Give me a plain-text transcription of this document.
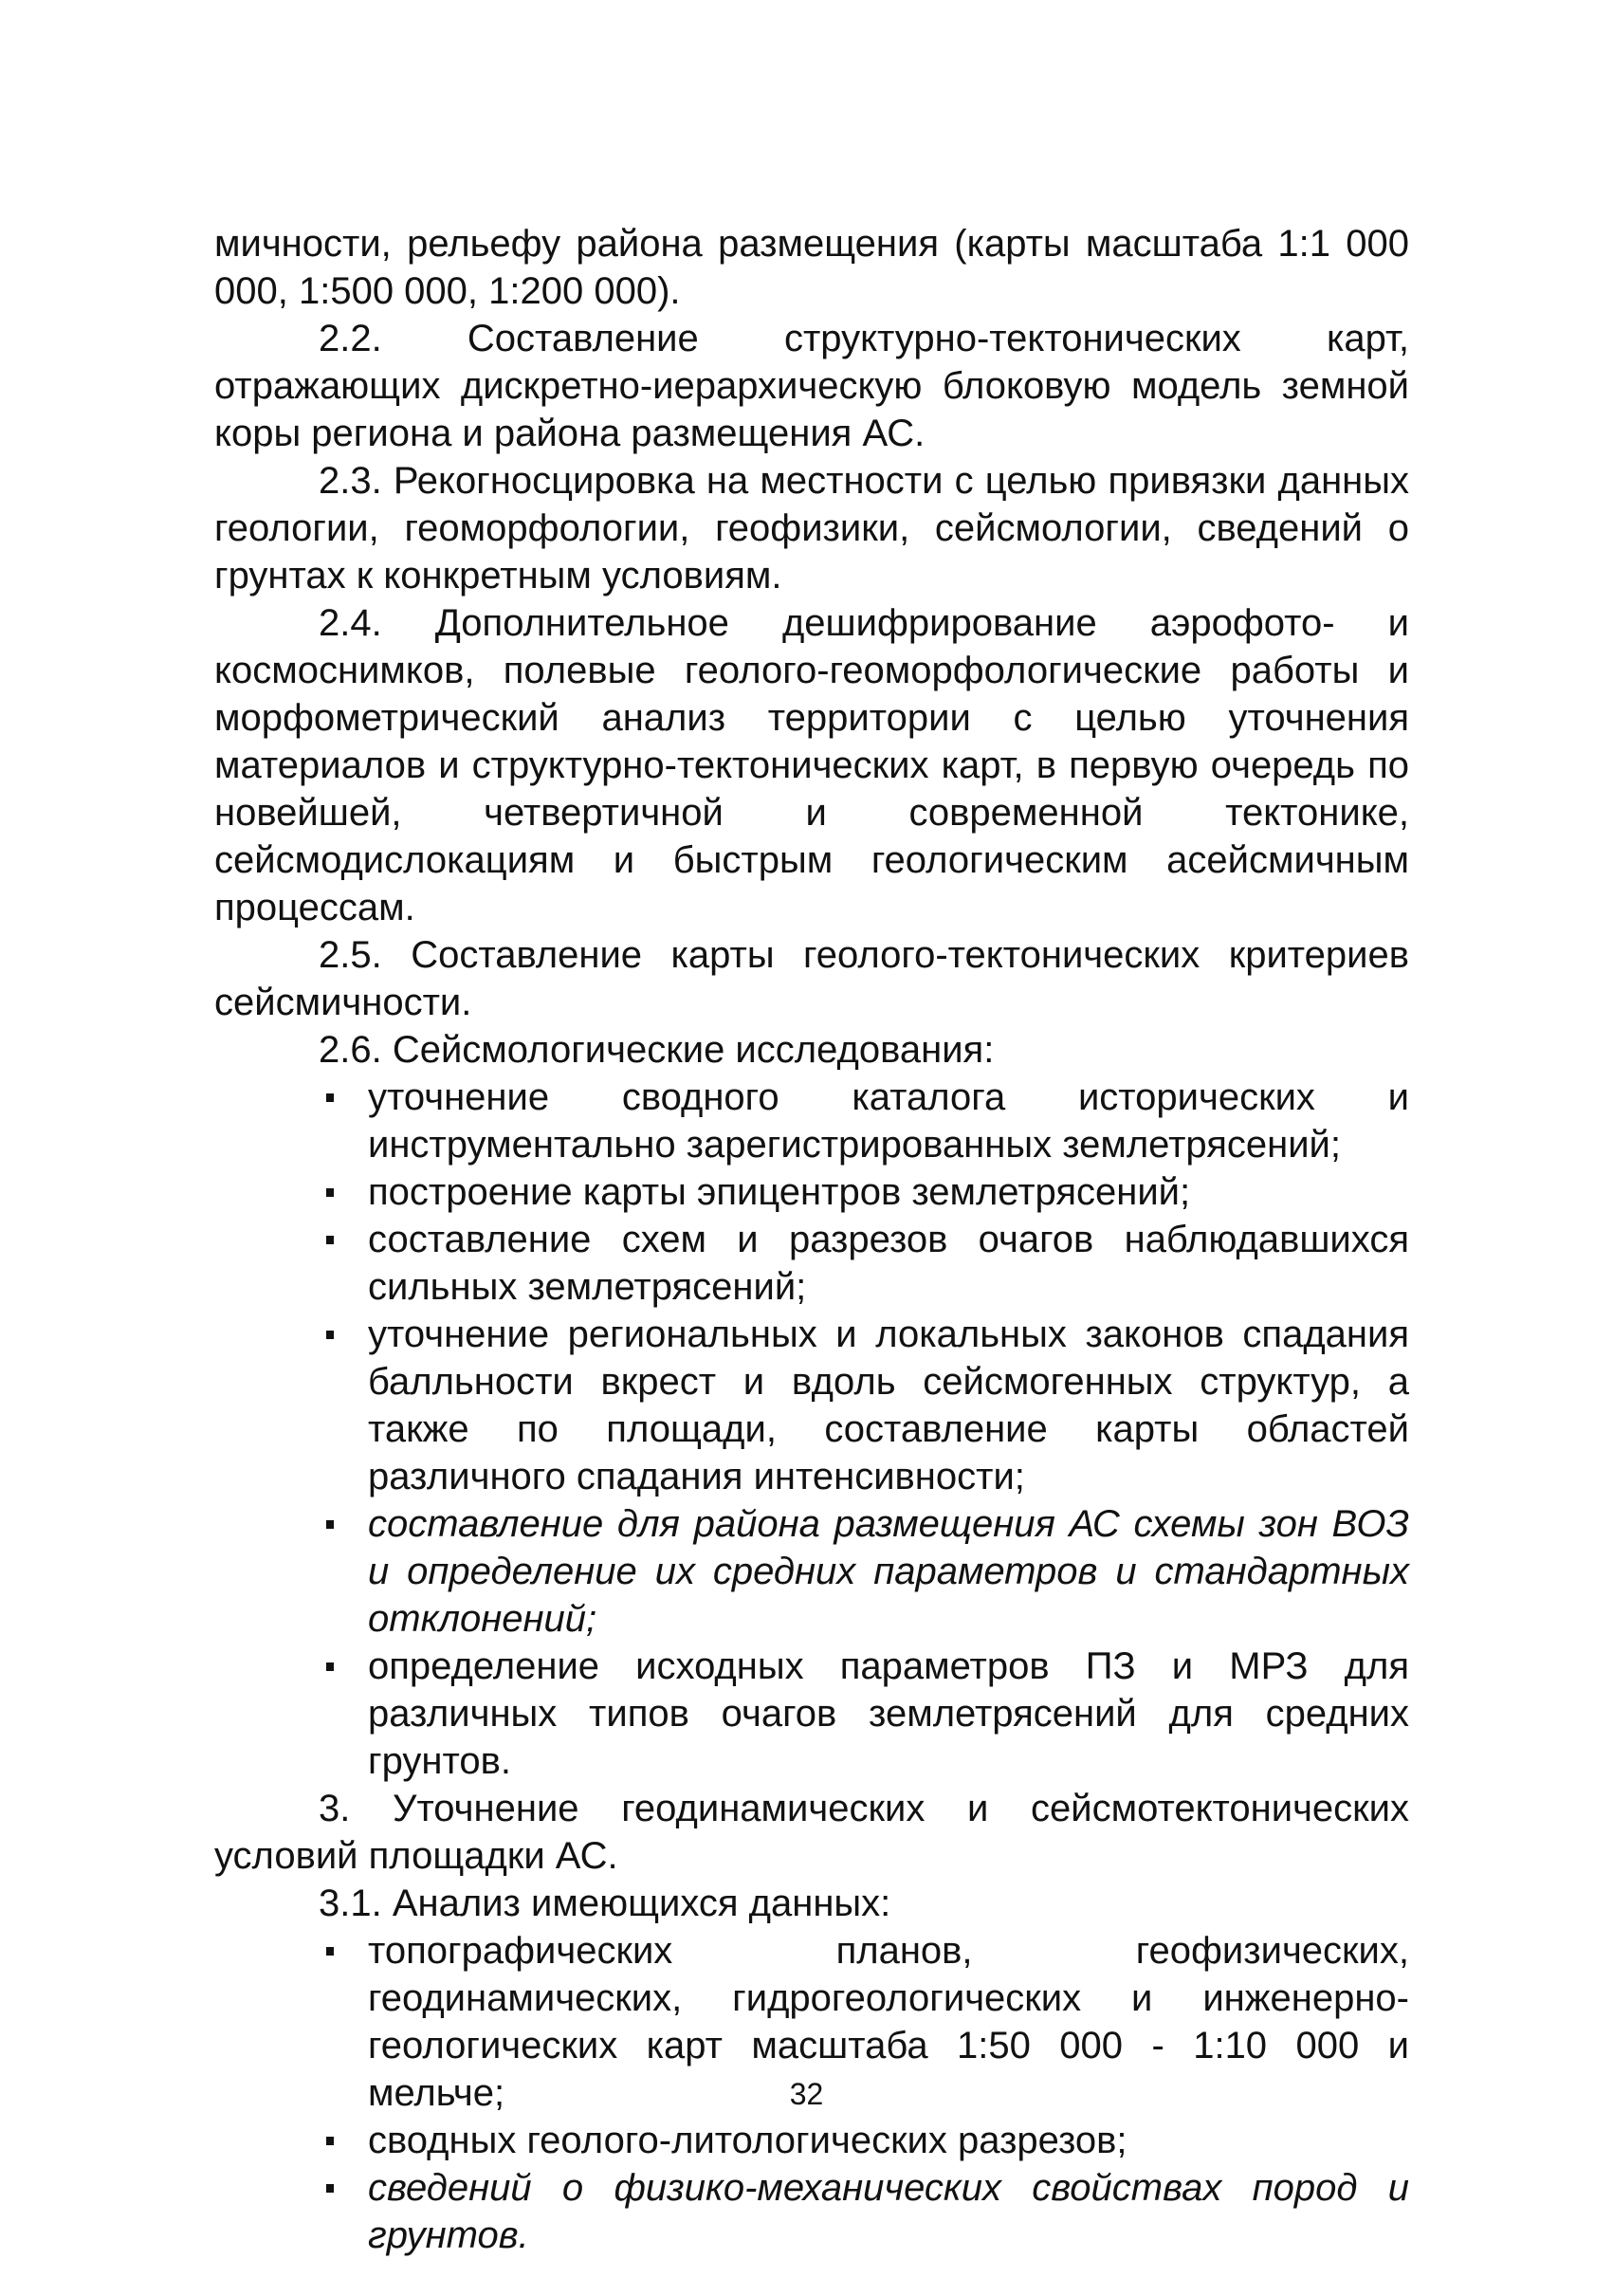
мичности, рельефу района размещения (карты масштаба 1:1 000 000, 1:500 000, 1:200 000).

2.2. Составление структурно-тектонических карт, отражающих дискретно-иерархическую блоковую модель земной коры региона и района размещения АС.

2.3. Рекогносцировка на местности с целью привязки данных геологии, геоморфологии, геофизики, сейсмологии, сведений о грунтах к конкретным условиям.

2.4. Дополнительное дешифрирование аэрофото- и космоснимков, полевые геолого-геоморфологические работы и морфометрический анализ территории с целью уточнения материалов и структурно-тектонических карт, в первую очередь по новейшей, четвертичной и современной тектонике, сейсмодислокациям и быстрым геологическим асейсмичным процессам.

2.5. Составление карты геолого-тектонических критериев сейсмичности.

2.6. Сейсмологические исследования:

уточнение сводного каталога исторических и инструментально зарегистрированных землетрясений;
построение карты эпицентров землетрясений;
составление схем и разрезов очагов наблюдавшихся сильных землетрясений;
уточнение региональных и локальных законов спадания балльности вкрест и вдоль сейсмогенных структур, а также по площади, составление карты областей различного спадания интенсивности;
составление для района размещения АС схемы зон ВОЗ и определение их средних параметров и стандартных отклонений;
определение исходных параметров ПЗ и МРЗ для различных типов очагов землетрясений для средних грунтов.

3. Уточнение геодинамических и сейсмотектонических условий площадки АС.

3.1. Анализ имеющихся данных:

топографических планов, геофизических, геодинамических, гидрогеологических и инженерно-геологических карт масштаба 1:50 000 - 1:10 000 и мельче;
сводных геолого-литологических разрезов;
сведений о физико-механических свойствах пород и грунтов.
32
